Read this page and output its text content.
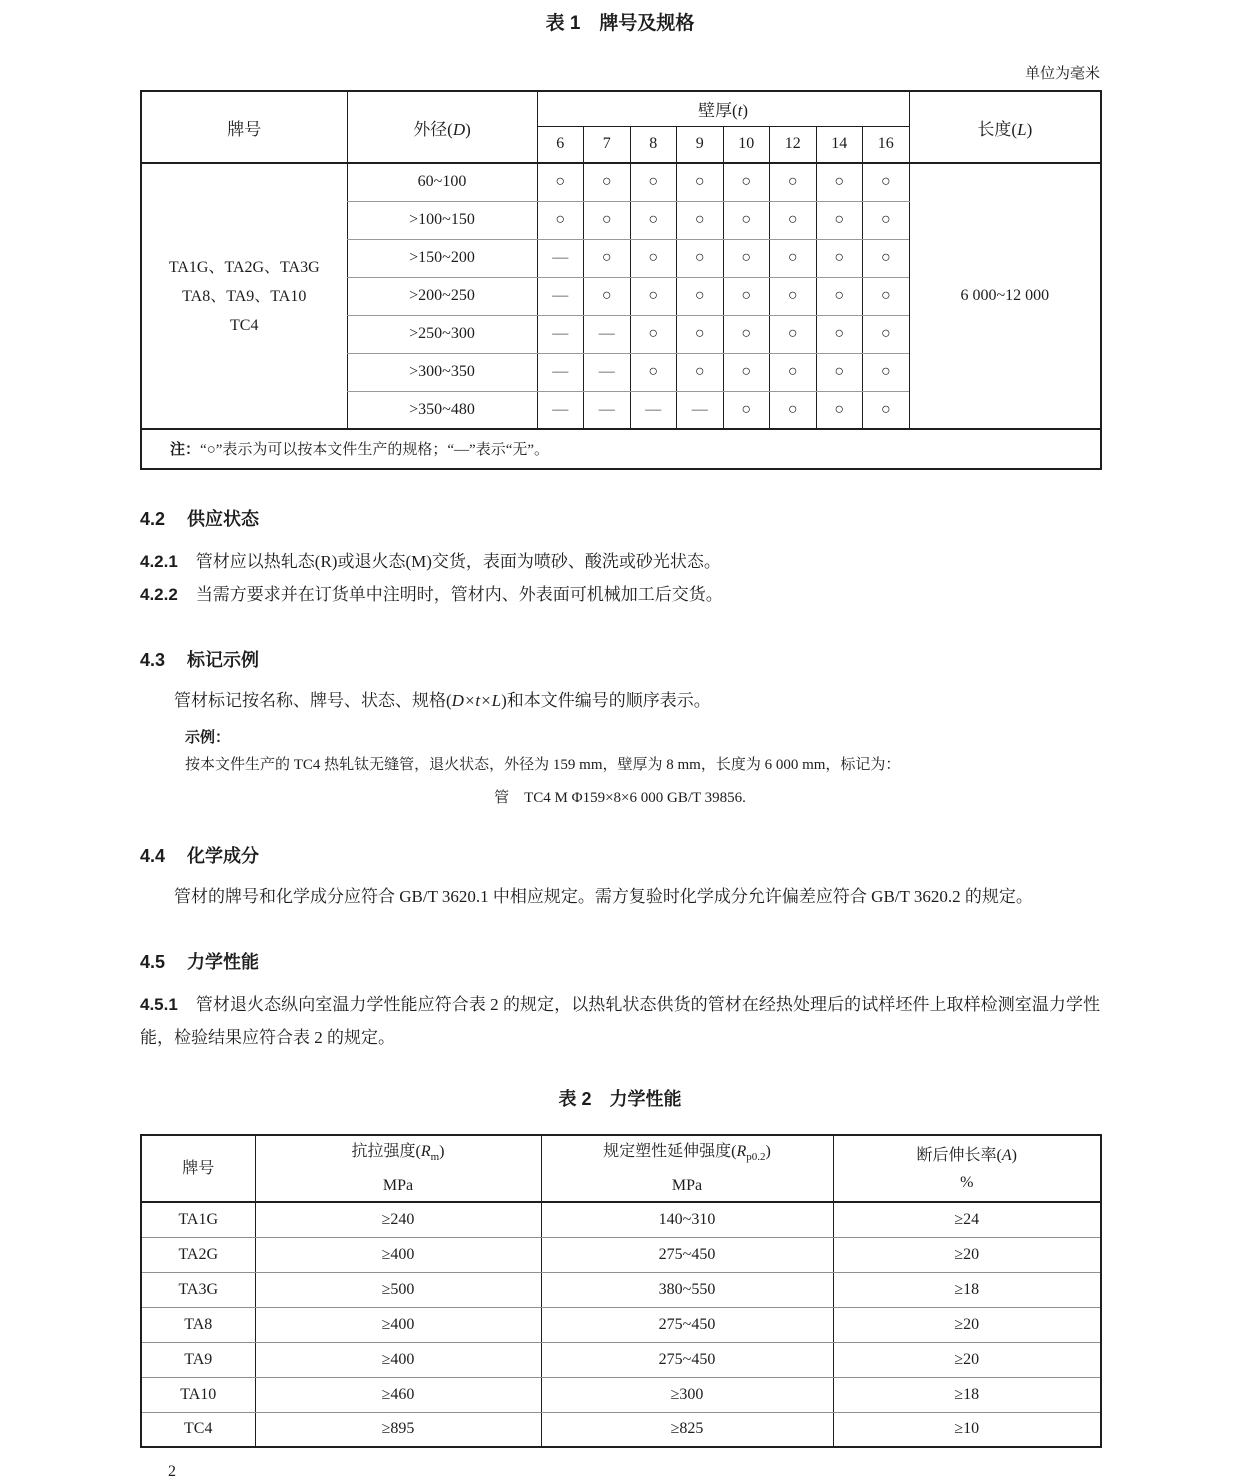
表 1　牌号及规格
单位为毫米
牌号	外径(D)	壁厚(t)								长度(L)
		6	7	8	9	10	12	14	16	

TA1G、TA2G、TA3G
TA8、TA9、TA10
TC4	60~100	○	○	○	○	○	○	○	○	6 000~12 000
	>100~150	○	○	○	○	○	○	○	○	
	>150~200	—	○	○	○	○	○	○	○	
	>200~250	—	○	○	○	○	○	○	○	
	>250~300	—	—	○	○	○	○	○	○	
	>300~350	—	—	○	○	○	○	○	○	
	>350~480	—	—	—	—	○	○	○	○	
注：“○”表示为可以按本文件生产的规格；“—”表示“无”。										
4.2 供应状态

4.2.1 管材应以热轧态(R)或退火态(M)交货，表面为喷砂、酸洗或砂光状态。

4.2.2 当需方要求并在订货单中注明时，管材内、外表面可机械加工后交货。

4.3 标记示例

管材标记按名称、牌号、状态、规格(D×t×L)和本文件编号的顺序表示。

示例：
按本文件生产的 TC4 热轧钛无缝管，退火状态，外径为 159 mm，壁厚为 8 mm，长度为 6 000 mm，标记为：
管　TC4 M Φ159×8×6 000 GB/T 39856.
4.4 化学成分

管材的牌号和化学成分应符合 GB/T 3620.1 中相应规定。需方复验时化学成分允许偏差应符合 GB/T 3620.2 的规定。

4.5 力学性能

4.5.1 管材退火态纵向室温力学性能应符合表 2 的规定，以热轧状态供货的管材在经热处理后的试样坯件上取样检测室温力学性能，检验结果应符合表 2 的规定。

表 2　力学性能
牌号	
抗拉强度$(R_m)$
MPa

规定塑性延伸强度$(R_{p0.2})$
MPa

断后伸长率(A)
%

TA1G	≥240	140~310	≥24
TA2G	≥400	275~450	≥20
TA3G	≥500	380~550	≥18
TA8	≥400	275~450	≥20
TA9	≥400	275~450	≥20
TA10	≥460	≥300	≥18
TC4	≥895	≥825	≥10
2
